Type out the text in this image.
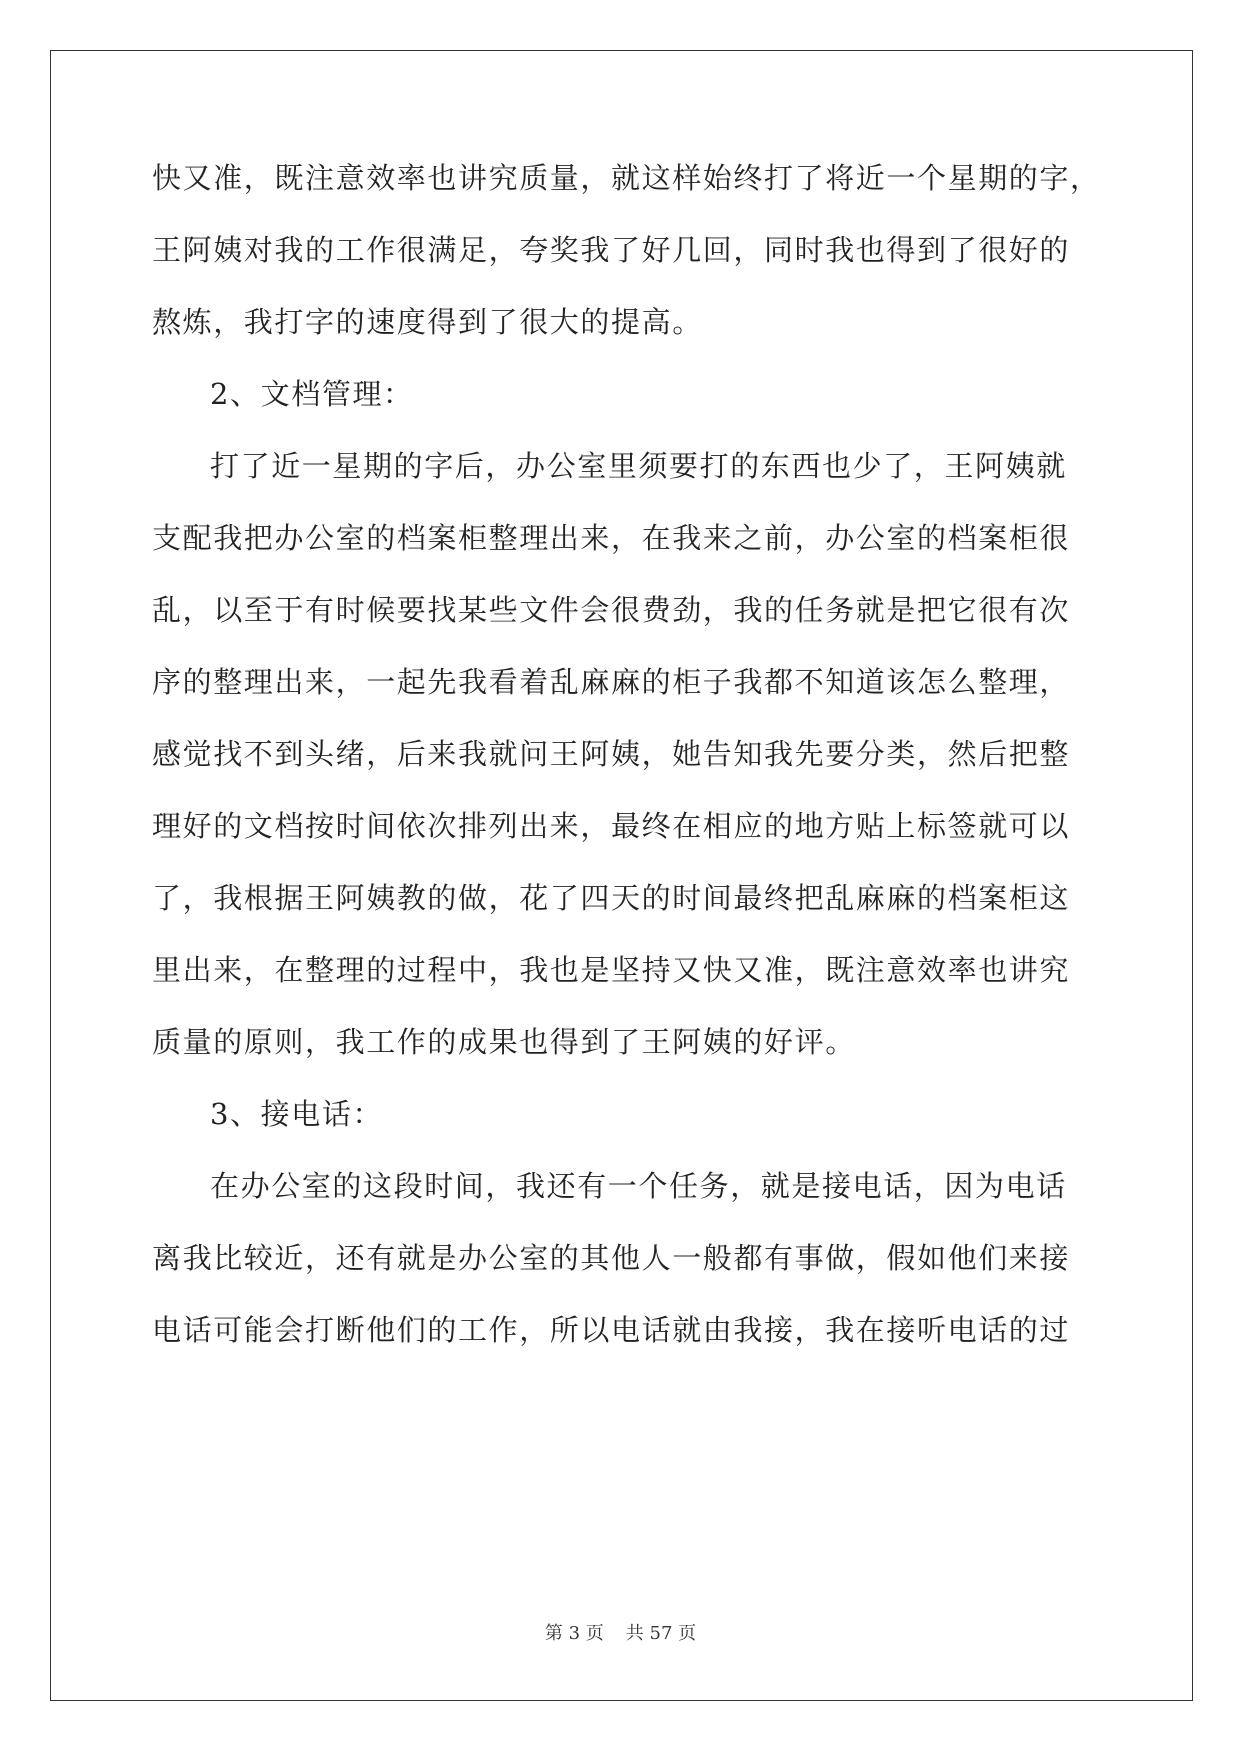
快又准，既注意效率也讲究质量，就这样始终打了将近一个星期的字，
王阿姨对我的工作很满足，夸奖我了好几回，同时我也得到了很好的
熬炼，我打字的速度得到了很大的提高。
2、文档管理：
打了近一星期的字后，办公室里须要打的东西也少了，王阿姨就
支配我把办公室的档案柜整理出来，在我来之前，办公室的档案柜很
乱，以至于有时候要找某些文件会很费劲，我的任务就是把它很有次
序的整理出来，一起先我看着乱麻麻的柜子我都不知道该怎么整理，
感觉找不到头绪，后来我就问王阿姨，她告知我先要分类，然后把整
理好的文档按时间依次排列出来，最终在相应的地方贴上标签就可以
了，我根据王阿姨教的做，花了四天的时间最终把乱麻麻的档案柜这
里出来，在整理的过程中，我也是坚持又快又准，既注意效率也讲究
质量的原则，我工作的成果也得到了王阿姨的好评。
3、接电话：
在办公室的这段时间，我还有一个任务，就是接电话，因为电话
离我比较近，还有就是办公室的其他人一般都有事做，假如他们来接
电话可能会打断他们的工作，所以电话就由我接，我在接听电话的过
第 3 页 共 57 页
